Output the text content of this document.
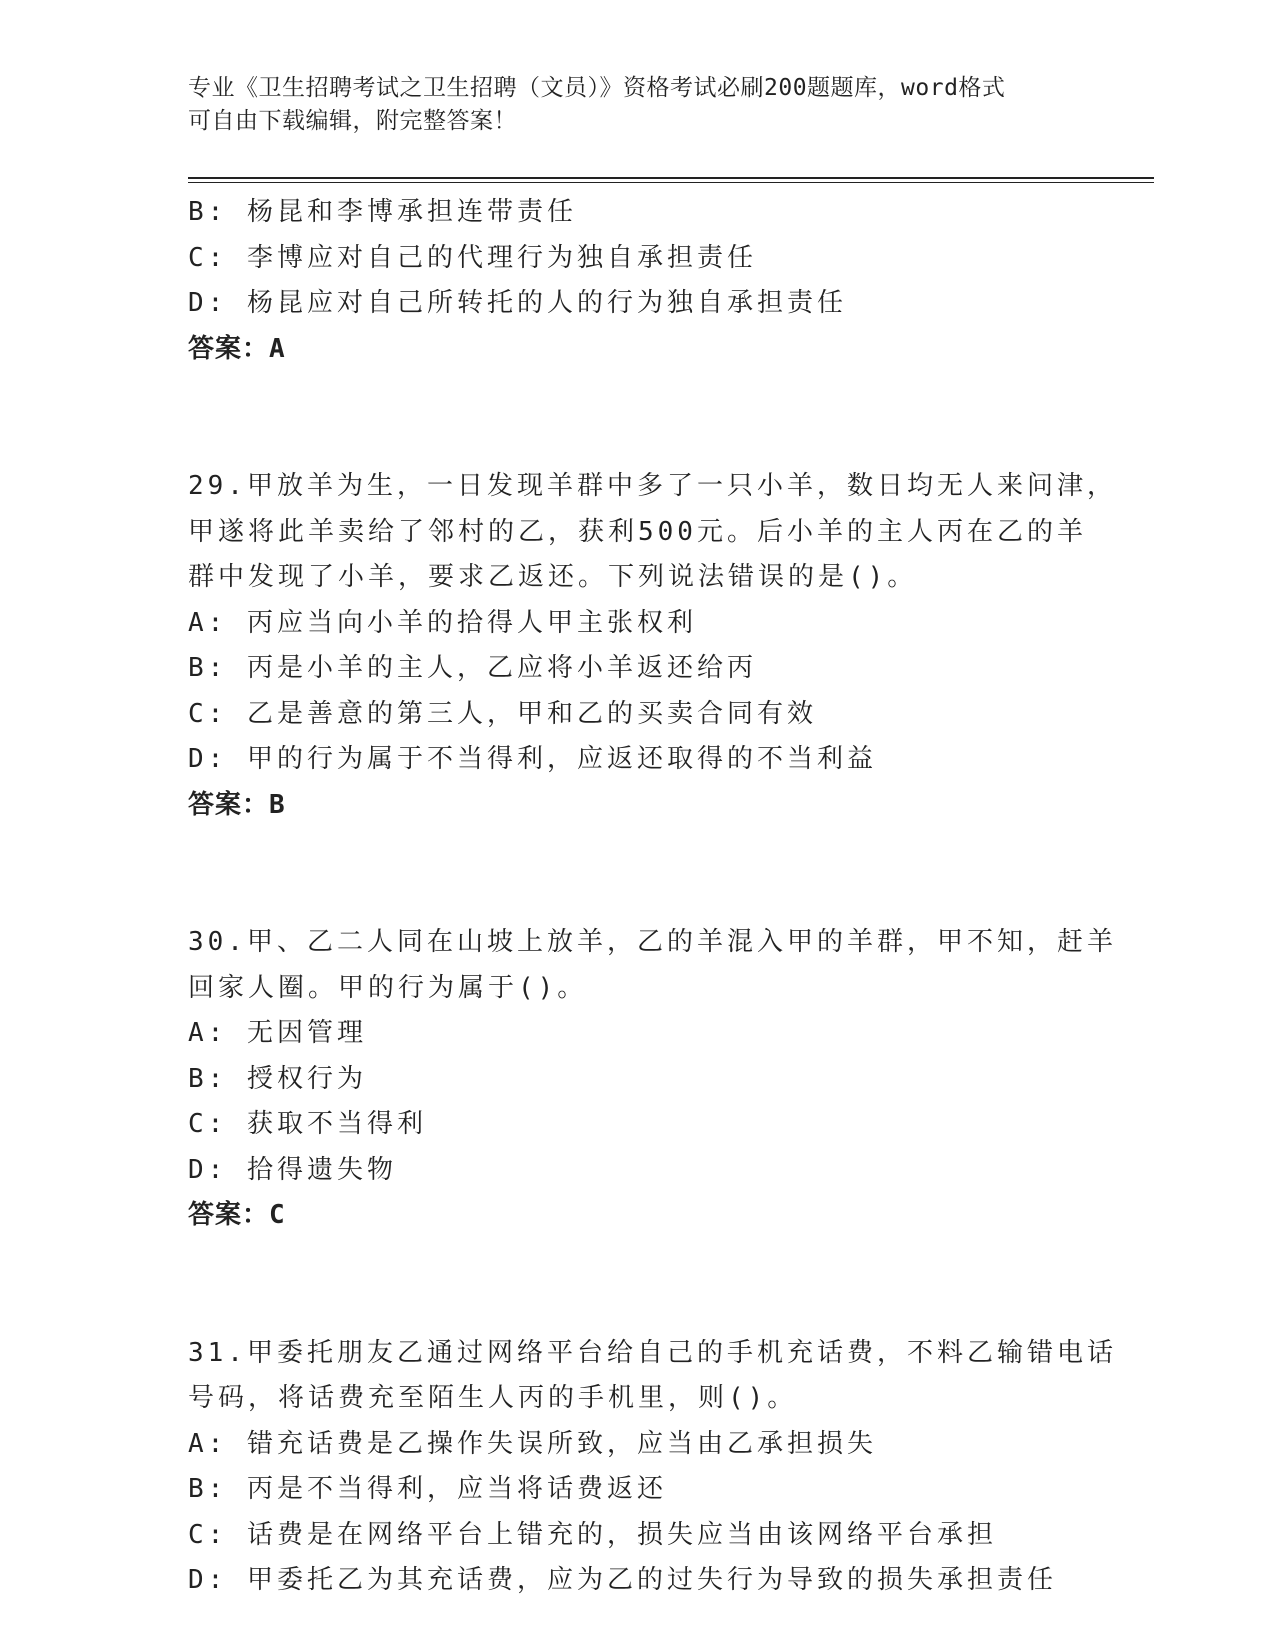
专业《卫生招聘考试之卫生招聘（文员）》资格考试必刷200题题库，word格式
可自由下载编辑，附完整答案！
B: 杨昆和李博承担连带责任
C: 李博应对自己的代理行为独自承担责任
D: 杨昆应对自己所转托的人的行为独自承担责任
答案：A
29.甲放羊为生，一日发现羊群中多了一只小羊，数日均无人来问津，
甲遂将此羊卖给了邻村的乙，获利500元。后小羊的主人丙在乙的羊
群中发现了小羊，要求乙返还。下列说法错误的是()。
A: 丙应当向小羊的拾得人甲主张权利
B: 丙是小羊的主人，乙应将小羊返还给丙
C: 乙是善意的第三人，甲和乙的买卖合同有效
D: 甲的行为属于不当得利，应返还取得的不当利益
答案：B
30.甲、乙二人同在山坡上放羊，乙的羊混入甲的羊群，甲不知，赶羊
回家人圈。甲的行为属于()。
A: 无因管理
B: 授权行为
C: 获取不当得利
D: 拾得遗失物
答案：C
31.甲委托朋友乙通过网络平台给自己的手机充话费，不料乙输错电话
号码，将话费充至陌生人丙的手机里，则()。
A: 错充话费是乙操作失误所致，应当由乙承担损失
B: 丙是不当得利，应当将话费返还
C: 话费是在网络平台上错充的，损失应当由该网络平台承担
D: 甲委托乙为其充话费，应为乙的过失行为导致的损失承担责任
